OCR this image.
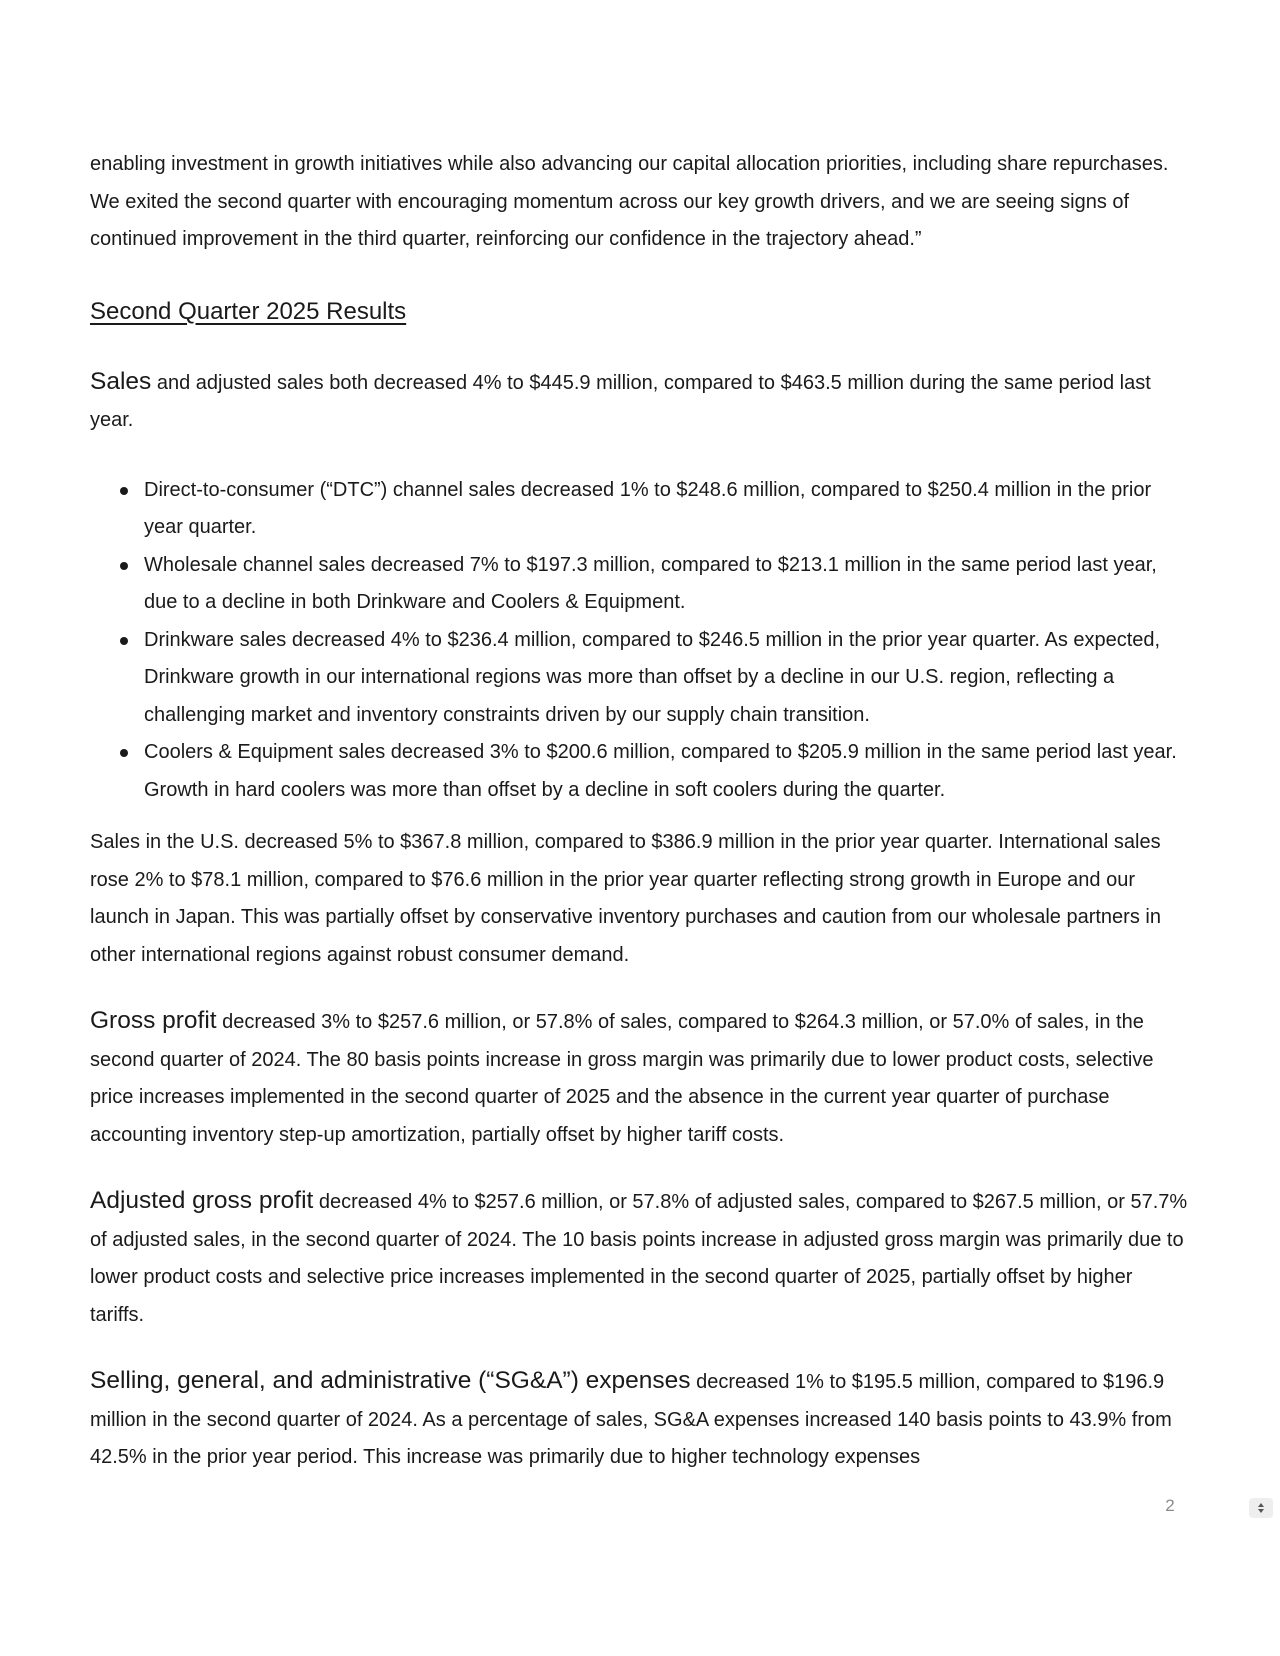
enabling investment in growth initiatives while also advancing our capital allocation priorities, including share repurchases. We exited the second quarter with encouraging momentum across our key growth drivers, and we are seeing signs of continued improvement in the third quarter, reinforcing our confidence in the trajectory ahead.”

Second Quarter 2025 Results

Sales and adjusted sales both decreased 4% to $445.9 million, compared to $463.5 million during the same period last year.

Direct-to-consumer (“DTC”) channel sales decreased 1% to $248.6 million, compared to $250.4 million in the prior year quarter.
Wholesale channel sales decreased 7% to $197.3 million, compared to $213.1 million in the same period last year, due to a decline in both Drinkware and Coolers & Equipment.
Drinkware sales decreased 4% to $236.4 million, compared to $246.5 million in the prior year quarter. As expected, Drinkware growth in our international regions was more than offset by a decline in our U.S. region, reflecting a challenging market and inventory constraints driven by our supply chain transition.
Coolers & Equipment sales decreased 3% to $200.6 million, compared to $205.9 million in the same period last year. Growth in hard coolers was more than offset by a decline in soft coolers during the quarter.

Sales in the U.S. decreased 5% to $367.8 million, compared to $386.9 million in the prior year quarter. International sales rose 2% to $78.1 million, compared to $76.6 million in the prior year quarter reflecting strong growth in Europe and our launch in Japan. This was partially offset by conservative inventory purchases and caution from our wholesale partners in other international regions against robust consumer demand.

Gross profit decreased 3% to $257.6 million, or 57.8% of sales, compared to $264.3 million, or 57.0% of sales, in the second quarter of 2024. The 80 basis points increase in gross margin was primarily due to lower product costs, selective price increases implemented in the second quarter of 2025 and the absence in the current year quarter of purchase accounting inventory step-up amortization, partially offset by higher tariff costs.

Adjusted gross profit decreased 4% to $257.6 million, or 57.8% of adjusted sales, compared to $267.5 million, or 57.7% of adjusted sales, in the second quarter of 2024. The 10 basis points increase in adjusted gross margin was primarily due to lower product costs and selective price increases implemented in the second quarter of 2025, partially offset by higher tariffs.

Selling, general, and administrative (“SG&A”) expenses decreased 1% to $195.5 million, compared to $196.9 million in the second quarter of 2024. As a percentage of sales, SG&A expenses increased 140 basis points to 43.9% from 42.5% in the prior year period. This increase was primarily due to higher technology expenses

2
